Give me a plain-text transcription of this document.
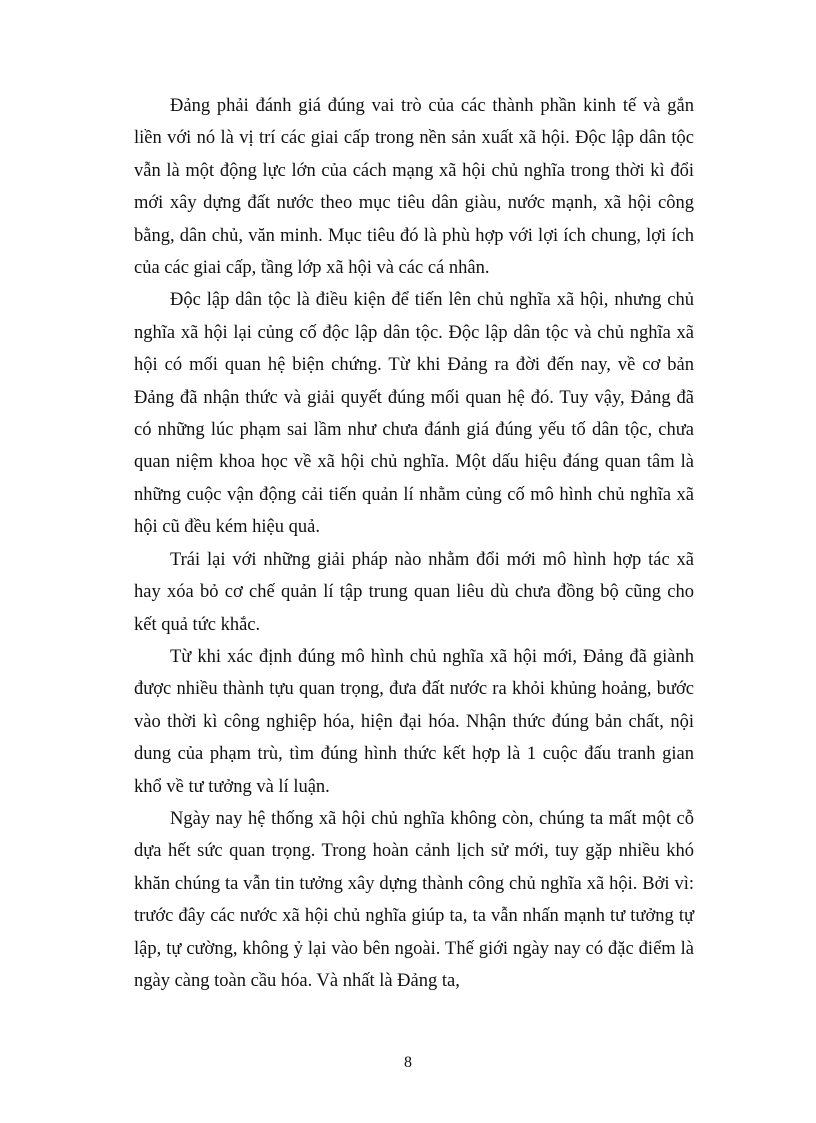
Đảng phải đánh giá đúng vai trò của các thành phần kinh tế và gắn liền với nó là vị trí các giai cấp trong nền sản xuất xã hội. Độc lập dân tộc vẫn là một động lực lớn của cách mạng xã hội chủ nghĩa trong thời kì đổi mới xây dựng đất nước theo mục tiêu dân giàu, nước mạnh, xã hội công bằng, dân chủ, văn minh. Mục tiêu đó là phù hợp với lợi ích chung, lợi ích của các giai cấp, tầng lớp xã hội và các cá nhân.

Độc lập dân tộc là điều kiện để tiến lên chủ nghĩa xã hội, nhưng chủ nghĩa xã hội lại củng cố độc lập dân tộc. Độc lập dân tộc và chủ nghĩa xã hội có mối quan hệ biện chứng. Từ khi Đảng ra đời đến nay, về cơ bản Đảng đã nhận thức và giải quyết đúng mối quan hệ đó. Tuy vậy, Đảng đã có những lúc phạm sai lầm như chưa đánh giá đúng yếu tố dân tộc, chưa quan niệm khoa học về xã hội chủ nghĩa. Một dấu hiệu đáng quan tâm là những cuộc vận động cải tiến quản lí nhằm củng cố mô hình chủ nghĩa xã hội cũ đều kém hiệu quả.

Trái lại với những giải pháp nào nhằm đổi mới mô hình hợp tác xã hay xóa bỏ cơ chế quản lí tập trung quan liêu dù chưa đồng bộ cũng cho kết quả tức khắc.

Từ khi xác định đúng mô hình chủ nghĩa xã hội mới, Đảng đã giành được nhiều thành tựu quan trọng, đưa đất nước ra khỏi khủng hoảng, bước vào thời kì công nghiệp hóa, hiện đại hóa. Nhận thức đúng bản chất, nội dung của phạm trù, tìm đúng hình thức kết hợp là 1 cuộc đấu tranh gian khổ về tư tưởng và lí luận.

Ngày nay hệ thống xã hội chủ nghĩa không còn, chúng ta mất một cỗ dựa hết sức quan trọng. Trong hoàn cảnh lịch sử mới, tuy gặp nhiều khó khăn chúng ta vẫn tin tưởng xây dựng thành công chủ nghĩa xã hội. Bởi vì: trước đây các nước xã hội chủ nghĩa giúp ta, ta vẫn nhấn mạnh tư tưởng tự lập, tự cường, không ỷ lại vào bên ngoài. Thế giới ngày nay có đặc điểm là ngày càng toàn cầu hóa. Và nhất là Đảng ta,

8
